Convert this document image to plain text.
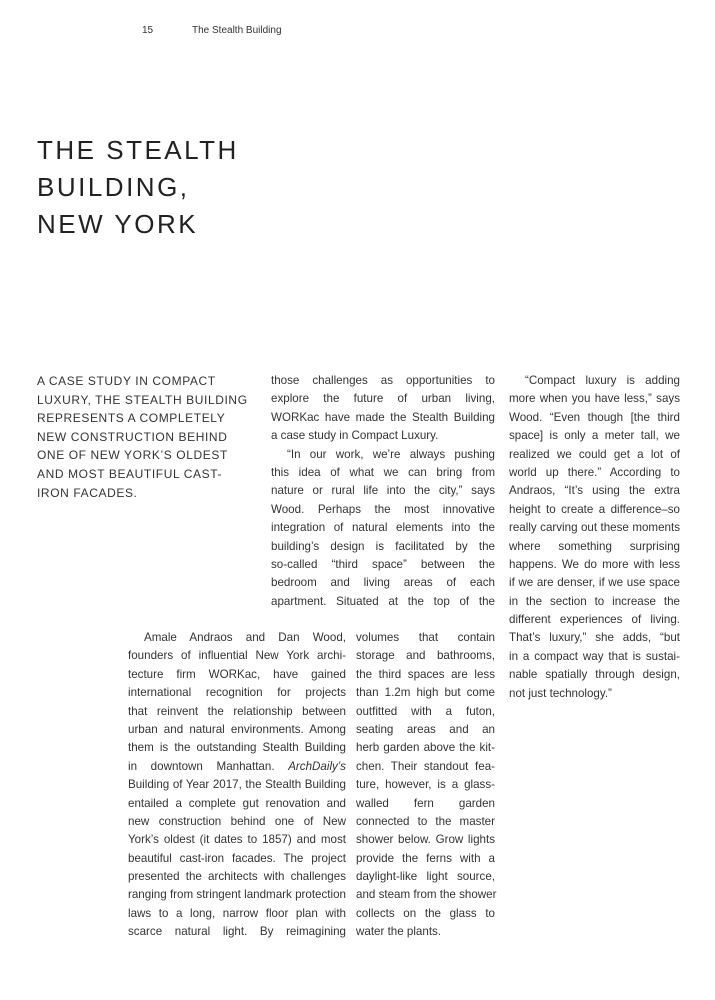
15	The Stealth Building
THE STEALTH
BUILDING,
NEW YORK
A CASE STUDY IN COMPACT
LUXURY, THE STEALTH BUILDING
REPRESENTS A COMPLETELY
NEW CONSTRUCTION BEHIND
ONE OF NEW YORK’S OLDEST
AND MOST BEAUTIFUL CAST-
IRON FACADES.
Amale Andraos and Dan Wood,
founders of influential New York archi-
tecture firm WORKac, have gained
international recognition for projects
that reinvent the relationship between
urban and natural environments. Among
them is the outstanding Stealth Building
in downtown Manhattan. ArchDaily’s
Building of Year 2017, the Stealth Building
entailed a complete gut renovation and
new construction behind one of New
York’s oldest (it dates to 1857) and most
beautiful cast-iron facades. The project
presented the architects with challenges
ranging from stringent landmark protection
laws to a long, narrow floor plan with
scarce natural light. By reimagining
those challenges as opportunities to
explore the future of urban living,
WORKac have made the Stealth Building
a case study in Compact Luxury.
“In our work, we’re always pushing
this idea of what we can bring from
nature or rural life into the city,” says
Wood. Perhaps the most innovative
integration of natural elements into the
building’s design is facilitated by the
so-called “third space” between the
bedroom and living areas of each
apartment. Situated at the top of the
volumes that contain
storage and bathrooms,
the third spaces are less
than 1.2m high but come
outfitted with a futon,
seating areas and an
herb garden above the kit-
chen. Their standout fea-
ture, however, is a glass-
walled fern garden
connected to the master
shower below. Grow lights
provide the ferns with a
daylight-like light source,
and steam from the shower
collects on the glass to
water the plants.
“Compact luxury is adding
more when you have less,” says
Wood. “Even though [the third
space] is only a meter tall, we
realized we could get a lot of
world up there.” According to
Andraos, “It’s using the extra
height to create a difference–so
really carving out these moments
where something surprising
happens. We do more with less
if we are denser, if we use space
in the section to increase the
different experiences of living.
That’s luxury,” she adds, “but
in a compact way that is sustai-
nable spatially through design,
not just technology.”
